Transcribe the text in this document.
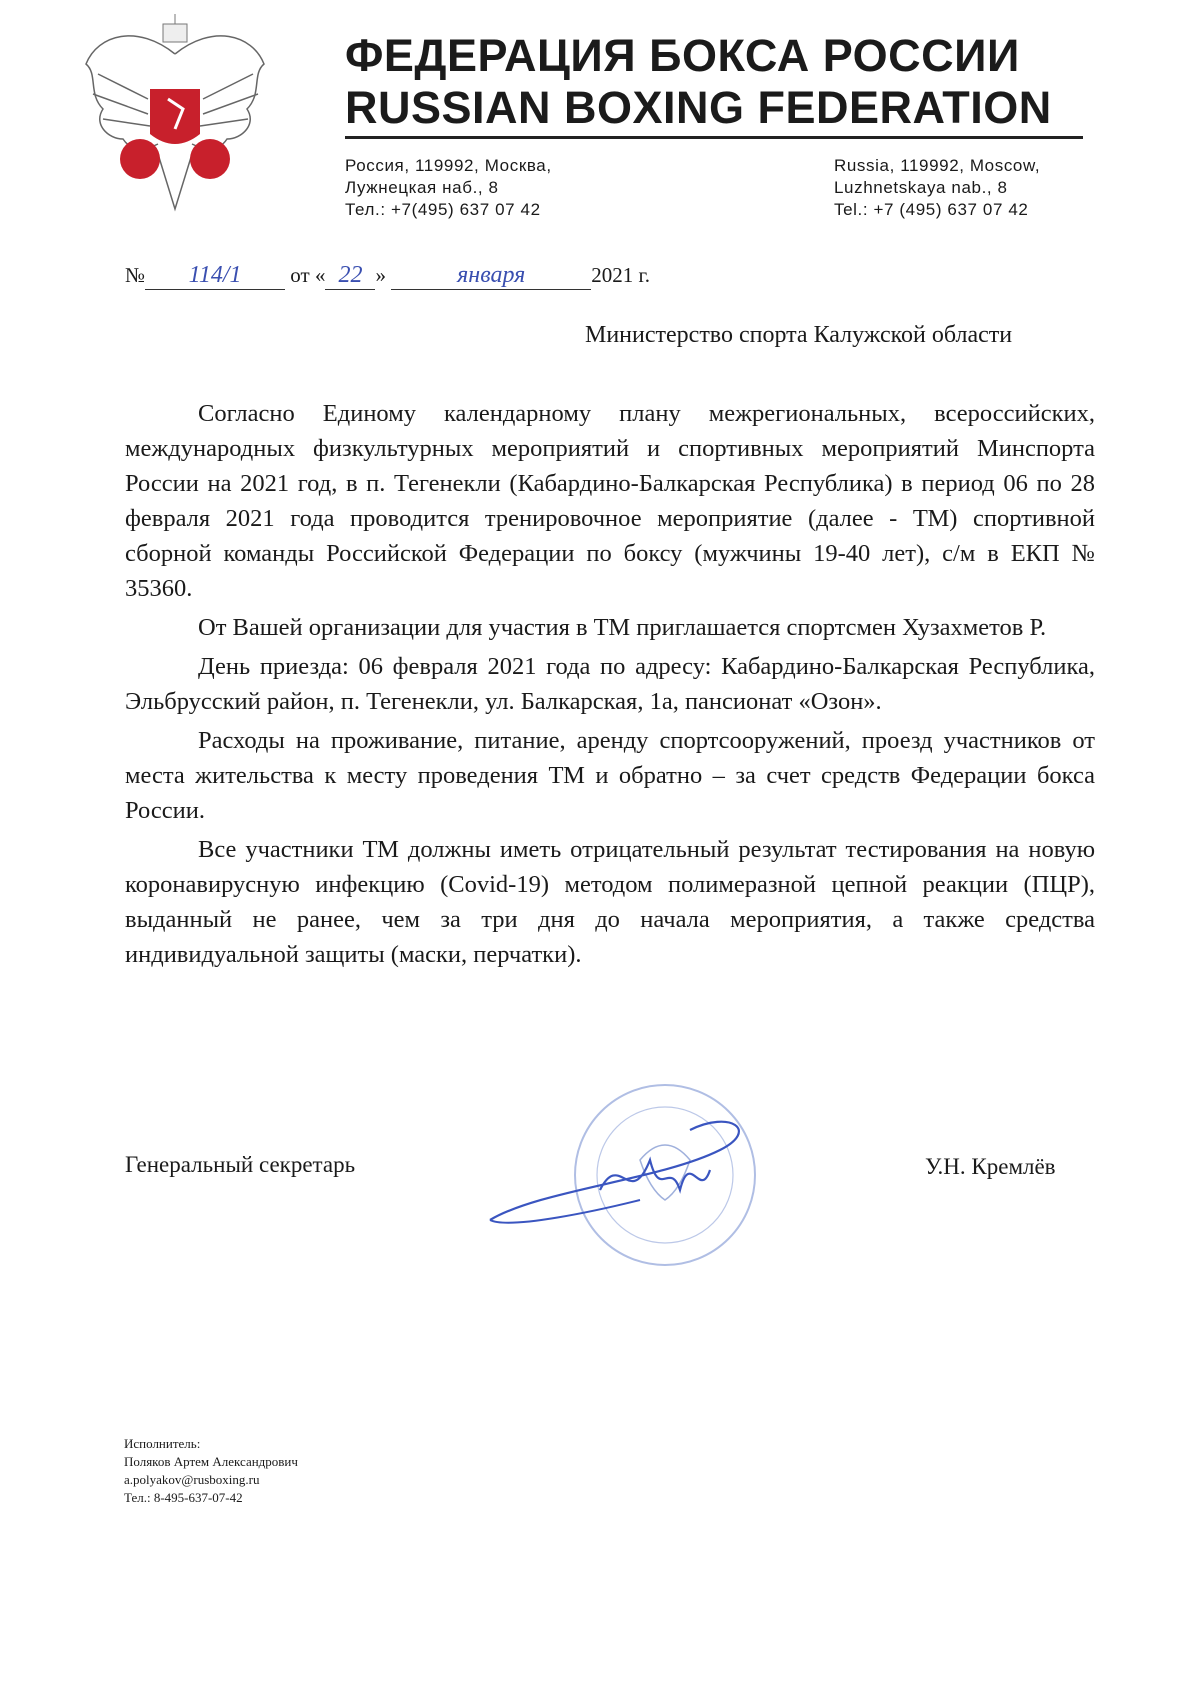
ФЕДЕРАЦИЯ БОКСА РОССИИ
RUSSIAN BOXING FEDERATION
Россия, 119992, Москва,
Лужнецкая наб., 8
Тел.: +7(495) 637 07 42
Russia, 119992, Moscow,
Luzhnetskaya nab., 8
Tel.: +7 (495) 637 07 42
№ 114/1 от « 22 »	января	2021 г.
Министерство спорта Калужской области

Согласно Единому календарному плану межрегиональных, всероссийских, международных физкультурных мероприятий и спортивных мероприятий Минспорта России на 2021 год, в п. Тегенекли (Кабардино-Балкарская Республика) в период 06 по 28 февраля 2021 года проводится тренировочное мероприятие (далее - ТМ) спортивной сборной команды Российской Федерации по боксу (мужчины 19-40 лет), с/м в ЕКП № 35360.

От Вашей организации для участия в ТМ приглашается спортсмен Хузахметов Р.

День приезда: 06 февраля 2021 года по адресу: Кабардино-Балкарская Республика, Эльбрусский район, п. Тегенекли, ул. Балкарская, 1а, пансионат «Озон».

Расходы на проживание, питание, аренду спортсооружений, проезд участников от места жительства к месту проведения ТМ и обратно – за счет средств Федерации бокса России.

Все участники ТМ должны иметь отрицательный результат тестирования на новую коронавирусную инфекцию (Covid-19) методом полимеразной цепной реакции (ПЦР), выданный не ранее, чем за три дня до начала мероприятия, а также средства индивидуальной защиты (маски, перчатки).

Генеральный секретарь	У.Н. Кремлёв
Исполнитель:
Поляков Артем Александрович
a.polyakov@rusboxing.ru
Тел.: 8-495-637-07-42
